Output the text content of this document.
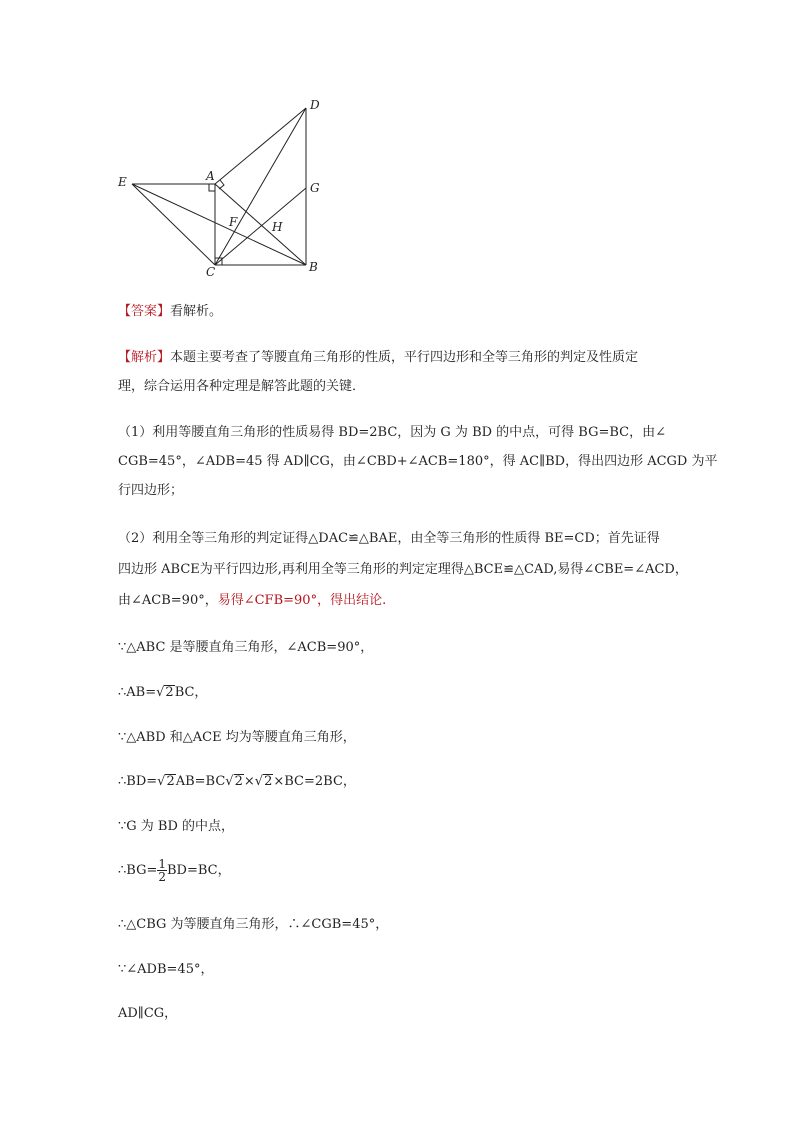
D
E	A
G
F	H
C	B
【答案】看解析。
【解析】本题主要考查了等腰直角三角形的性质，平行四边形和全等三角形的判定及性质定
理，综合运用各种定理是解答此题的关键．
（1）利用等腰直角三角形的性质易得 BD=2BC，因为 G 为 BD 的中点，可得 BG=BC，由∠
CGB=45°，∠ADB=45 得 AD∥CG，由∠CBD+∠ACB=180°，得 AC∥BD，得出四边形 ACGD 为平
行四边形；
（2）利用全等三角形的判定证得△DAC≌△BAE，由全等三角形的性质得 BE=CD；首先证得
四边形 ABCE为平行四边形,再利用全等三角形的判定定理得△BCE≌△CAD,易得∠CBE=∠ACD，
由∠ACB=90°，易得∠CFB=90°，得出结论.
∵△ABC 是等腰直角三角形，∠ACB=90°，
∴AB=√2BC，
∵△ABD 和△ACE 均为等腰直角三角形，
∴BD=√2AB=BC√2×√2×BC=2BC，
∵G 为 BD 的中点，
∴BG= $\frac{1}{2} BD=BC$，
∴△CBG 为等腰直角三角形，∴∠CGB=45°，
∵∠ADB=45°，
AD∥CG，
